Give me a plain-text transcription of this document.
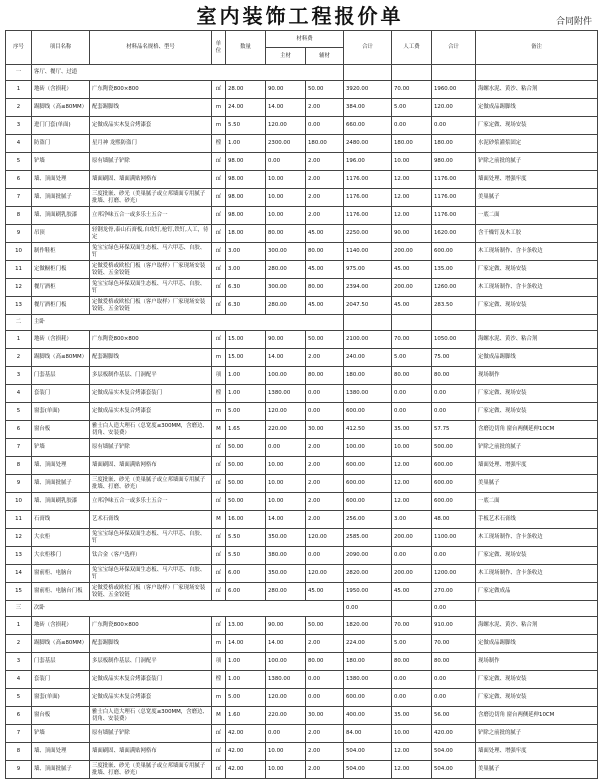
室内装饰工程报价单	合同附件
序号	项目名称	材料品名规格、型号	单位	数量	材料费		合计	人工费	合计	备注
					主材	辅材				
一	客厅、餐厅、过道									
1	地砖（含损耗）	广东陶瓷800×800	㎡	28.00	90.00	50.00	3920.00	70.00	1960.00	海螺水泥、黄沙、粘合剂
2	踢脚线（高≤80MM）	配套踢脚线	m	24.00	14.00	2.00	384.00	5.00	120.00	定做成品踢脚线
3	进门门套(单面)	定做成品实木复合烤漆套	m	5.50	120.00	0.00	660.00	0.00	0.00	厂家定做、现场安装
4	防盗门	星月神 龙熙防盗门	樘	1.00	2300.00	180.00	2480.00	180.00	180.00	水泥砂浆灌浆固定
5	铲墙	原有墙腻子铲除	㎡	98.00	0.00	2.00	196.00	10.00	980.00	铲除之前批的腻子
6	墙、顶面处理	墙面刷固、墙面满贴网格布	㎡	98.00	10.00	2.00	1176.00	12.00	1176.00	墙面处理、增强牢度
7	墙、顶面批腻子	三度批嵌、砂光（美巢腻子或立邦墙面专用腻子批墙、打磨、砂光）	㎡	98.00	10.00	2.00	1176.00	12.00	1176.00	美巢腻子
8	墙、顶面刷乳胶漆	立邦净味五合一或多乐士五合一	㎡	98.00	10.00	2.00	1176.00	12.00	1176.00	一底二面
9	吊顶	轻钢龙骨,泰山石膏板,自攻钉,枪钉,铁钉,人工，待定	㎡	18.00	80.00	45.00	2250.00	90.00	1620.00	含干燥钉及木工胶
10	制作鞋柜	兔宝宝绿色环保双面生态板、马六甲芯、自胶、钉	㎡	3.00	300.00	80.00	1140.00	200.00	600.00	木工现场制作、含卡条收边
11	定做橱柜门板	定做爱格或欧松门板（客户取样）厂家现场安装铰链、五金铰链	㎡	3.00	280.00	45.00	975.00	45.00	135.00	厂家定做、现场安装
12	餐厅酒柜	兔宝宝绿色环保双面生态板、马六甲芯、自胶、钉	㎡	6.30	300.00	80.00	2394.00	200.00	1260.00	木工现场制作、含卡条收边
13	餐厅酒柜门板	定做爱格或欧松门板（客户取样）厂家现场安装铰链、五金铰链	㎡	6.30	280.00	45.00	2047.50	45.00	283.50	厂家定做、现场安装
二	主卧									
1	地砖（含损耗）	广东陶瓷800×800	㎡	15.00	90.00	50.00	2100.00	70.00	1050.00	海螺水泥、黄沙、粘合剂
2	踢脚线（高≤80MM）	配套踢脚线	m	15.00	14.00	2.00	240.00	5.00	75.00	定做成品踢脚线
3	门套基层	多层板制作基层、门洞配平	项	1.00	100.00	80.00	180.00	80.00	80.00	现场制作
4	套装门	定做成品实木复合烤漆套装门	樘	1.00	1380.00	0.00	1380.00	0.00	0.00	厂家定做、现场安装
5	窗套(单面)	定做成品实木复合烤漆套	m	5.00	120.00	0.00	600.00	0.00	0.00	厂家定做、现场安装
6	窗台板	雅士白人造大理石（总宽度≤300MM，含磨边、切角、安装费）	M	1.65	220.00	30.00	412.50	35.00	57.75	含磨边切角 窗台两侧延伸10CM
7	铲墙	原有墙腻子铲除	㎡	50.00	0.00	2.00	100.00	10.00	500.00	铲除之前批的腻子
8	墙、顶面处理	墙面刷固、墙面满贴网格布	㎡	50.00	10.00	2.00	600.00	12.00	600.00	墙面处理、增强牢度
9	墙、顶面批腻子	三度批嵌、砂光（美巢腻子或立邦墙面专用腻子批墙、打磨、砂光）	㎡	50.00	10.00	2.00	600.00	12.00	600.00	美巢腻子
10	墙、顶面刷乳胶漆	立邦净味五合一或多乐士五合一	㎡	50.00	10.00	2.00	600.00	12.00	600.00	一底二面
11	石膏线	艺术石膏线	M	16.00	14.00	2.00	256.00	3.00	48.00	手板艺术石膏线
12	大衣柜	兔宝宝绿色环保双面生态板、马六甲芯、自胶、钉	㎡	5.50	350.00	120.00	2585.00	200.00	1100.00	木工现场制作、含卡条收边
13	大衣柜移门	钛合金（客户选样）	㎡	5.50	380.00	0.00	2090.00	0.00	0.00	厂家定做、现场安装
14	窗前柜、电脑台	兔宝宝绿色环保双面生态板、马六甲芯、自胶、钉	㎡	6.00	350.00	120.00	2820.00	200.00	1200.00	木工现场制作、含卡条收边
15	窗前柜、电脑台门板	定做爱格或欧松门板（客户取样）厂家现场安装铰链、五金铰链	㎡	6.00	280.00	45.00	1950.00	45.00	270.00	厂家定做成品
三	次卧						0.00		0.00	
1	地砖（含损耗）	广东陶瓷800×800	㎡	13.00	90.00	50.00	1820.00	70.00	910.00	海螺水泥、黄沙、粘合剂
2	踢脚线（高≤80MM）	配套踢脚线	m	14.00	14.00	2.00	224.00	5.00	70.00	定做成品踢脚线
3	门套基层	多层板制作基层、门洞配平	项	1.00	100.00	80.00	180.00	80.00	80.00	现场制作
4	套装门	定做成品实木复合烤漆套装门	樘	1.00	1380.00	0.00	1380.00	0.00	0.00	厂家定做、现场安装
5	窗套(单面)	定做成品实木复合烤漆套	m	5.00	120.00	0.00	600.00	0.00	0.00	厂家定做、现场安装
6	窗台板	雅士白人造大理石（总宽度≤300MM，含磨边、切角、安装费）	M	1.60	220.00	30.00	400.00	35.00	56.00	含磨边切角 窗台两侧延伸10CM
7	铲墙	原有墙腻子铲除	㎡	42.00	0.00	2.00	84.00	10.00	420.00	铲除之前批的腻子
8	墙、顶面处理	墙面刷固、墙面满贴网格布	㎡	42.00	10.00	2.00	504.00	12.00	504.00	墙面处理、增强牢度
9	墙、顶面批腻子	三度批嵌、砂光（美巢腻子或立邦墙面专用腻子批墙、打磨、砂光）	㎡	42.00	10.00	2.00	504.00	12.00	504.00	美巢腻子
